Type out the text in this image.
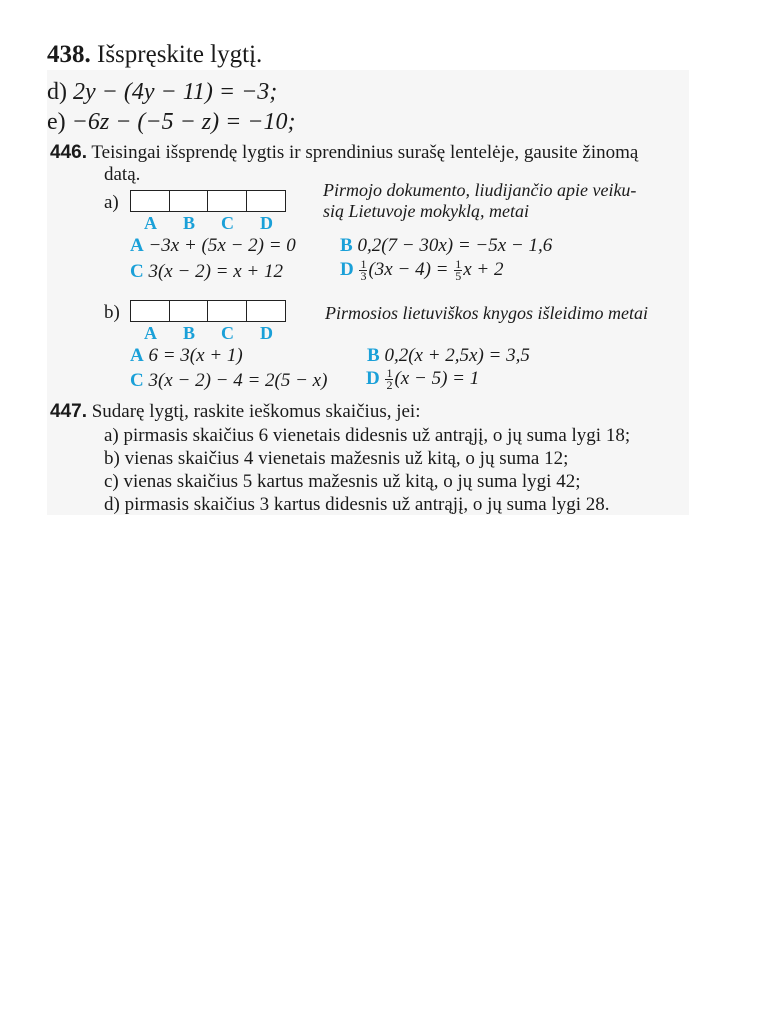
438. Išspręskite lygtį.
d) 2y − (4y − 11) = −3;
e) −6z − (−5 − z) = −10;
446. Teisingai išsprendę lygtis ir sprendinius surašę lentelėje, gausite žinomą
datą.
a)
A B C D
Pirmojo dokumento, liudijančio apie veiku-
sią Lietuvoje mokyklą, metai
A −3x + (5x − 2) = 0 B 0,2(7 − 30x) = −5x − 1,6
C 3(x − 2) = x + 12	D $\frac{1}{3} (3x - 4) = \frac{1}{5}$ x + 2
b)
A B C D
Pirmosios lietuviškos knygos išleidimo metai
A 6 = 3(x + 1)	B 0,2(x + 2,5x) = 3,5
C 3(x − 2) − 4 = 2(5 − x) D $\frac{1}{2} (x - 5) = 1$
447. Sudarę lygtį, raskite ieškomus skaičius, jei:
a) pirmasis skaičius 6 vienetais didesnis už antrąjį, o jų suma lygi 18;
b) vienas skaičius 4 vienetais mažesnis už kitą, o jų suma 12;
c) vienas skaičius 5 kartus mažesnis už kitą, o jų suma lygi 42;
d) pirmasis skaičius 3 kartus didesnis už antrąjį, o jų suma lygi 28.
